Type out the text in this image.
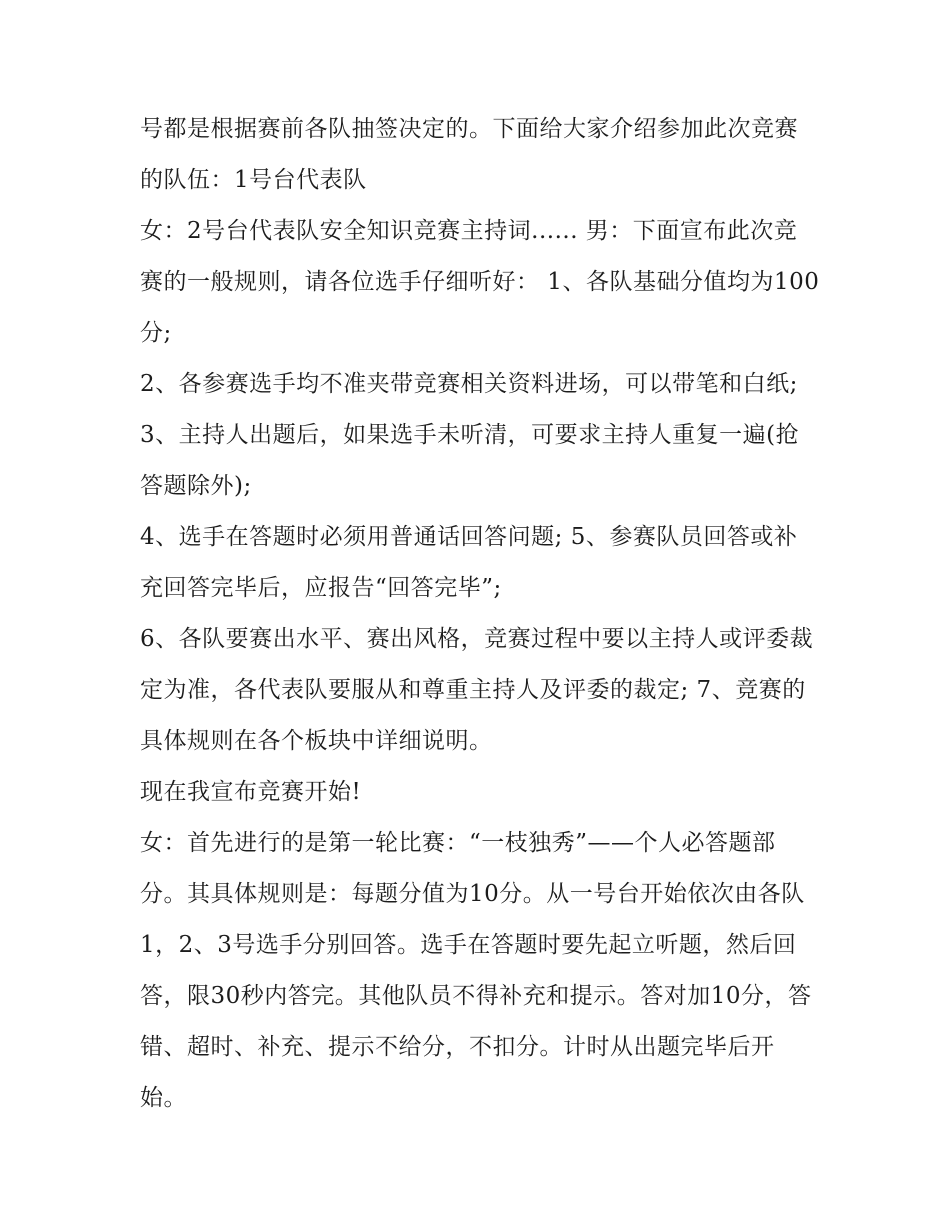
号都是根据赛前各队抽签决定的。下面给大家介绍参加此次竞赛的队伍：1号台代表队

女：2号台代表队安全知识竞赛主持词...... 男：下面宣布此次竞赛的一般规则，请各位选手仔细听好： 1、各队基础分值均为100分;

2、各参赛选手均不准夹带竞赛相关资料进场，可以带笔和白纸; 3、主持人出题后，如果选手未听清，可要求主持人重复一遍(抢答题除外);

4、选手在答题时必须用普通话回答问题; 5、参赛队员回答或补充回答完毕后，应报告“回答完毕”;

6、各队要赛出水平、赛出风格，竞赛过程中要以主持人或评委裁定为准，各代表队要服从和尊重主持人及评委的裁定; 7、竞赛的具体规则在各个板块中详细说明。

现在我宣布竞赛开始!

女：首先进行的是第一轮比赛：“一枝独秀”——个人必答题部分。其具体规则是：每题分值为10分。从一号台开始依次由各队1，2、3号选手分别回答。选手在答题时要先起立听题，然后回答，限30秒内答完。其他队员不得补充和提示。答对加10分，答错、超时、补充、提示不给分，不扣分。计时从出题完毕后开始。
